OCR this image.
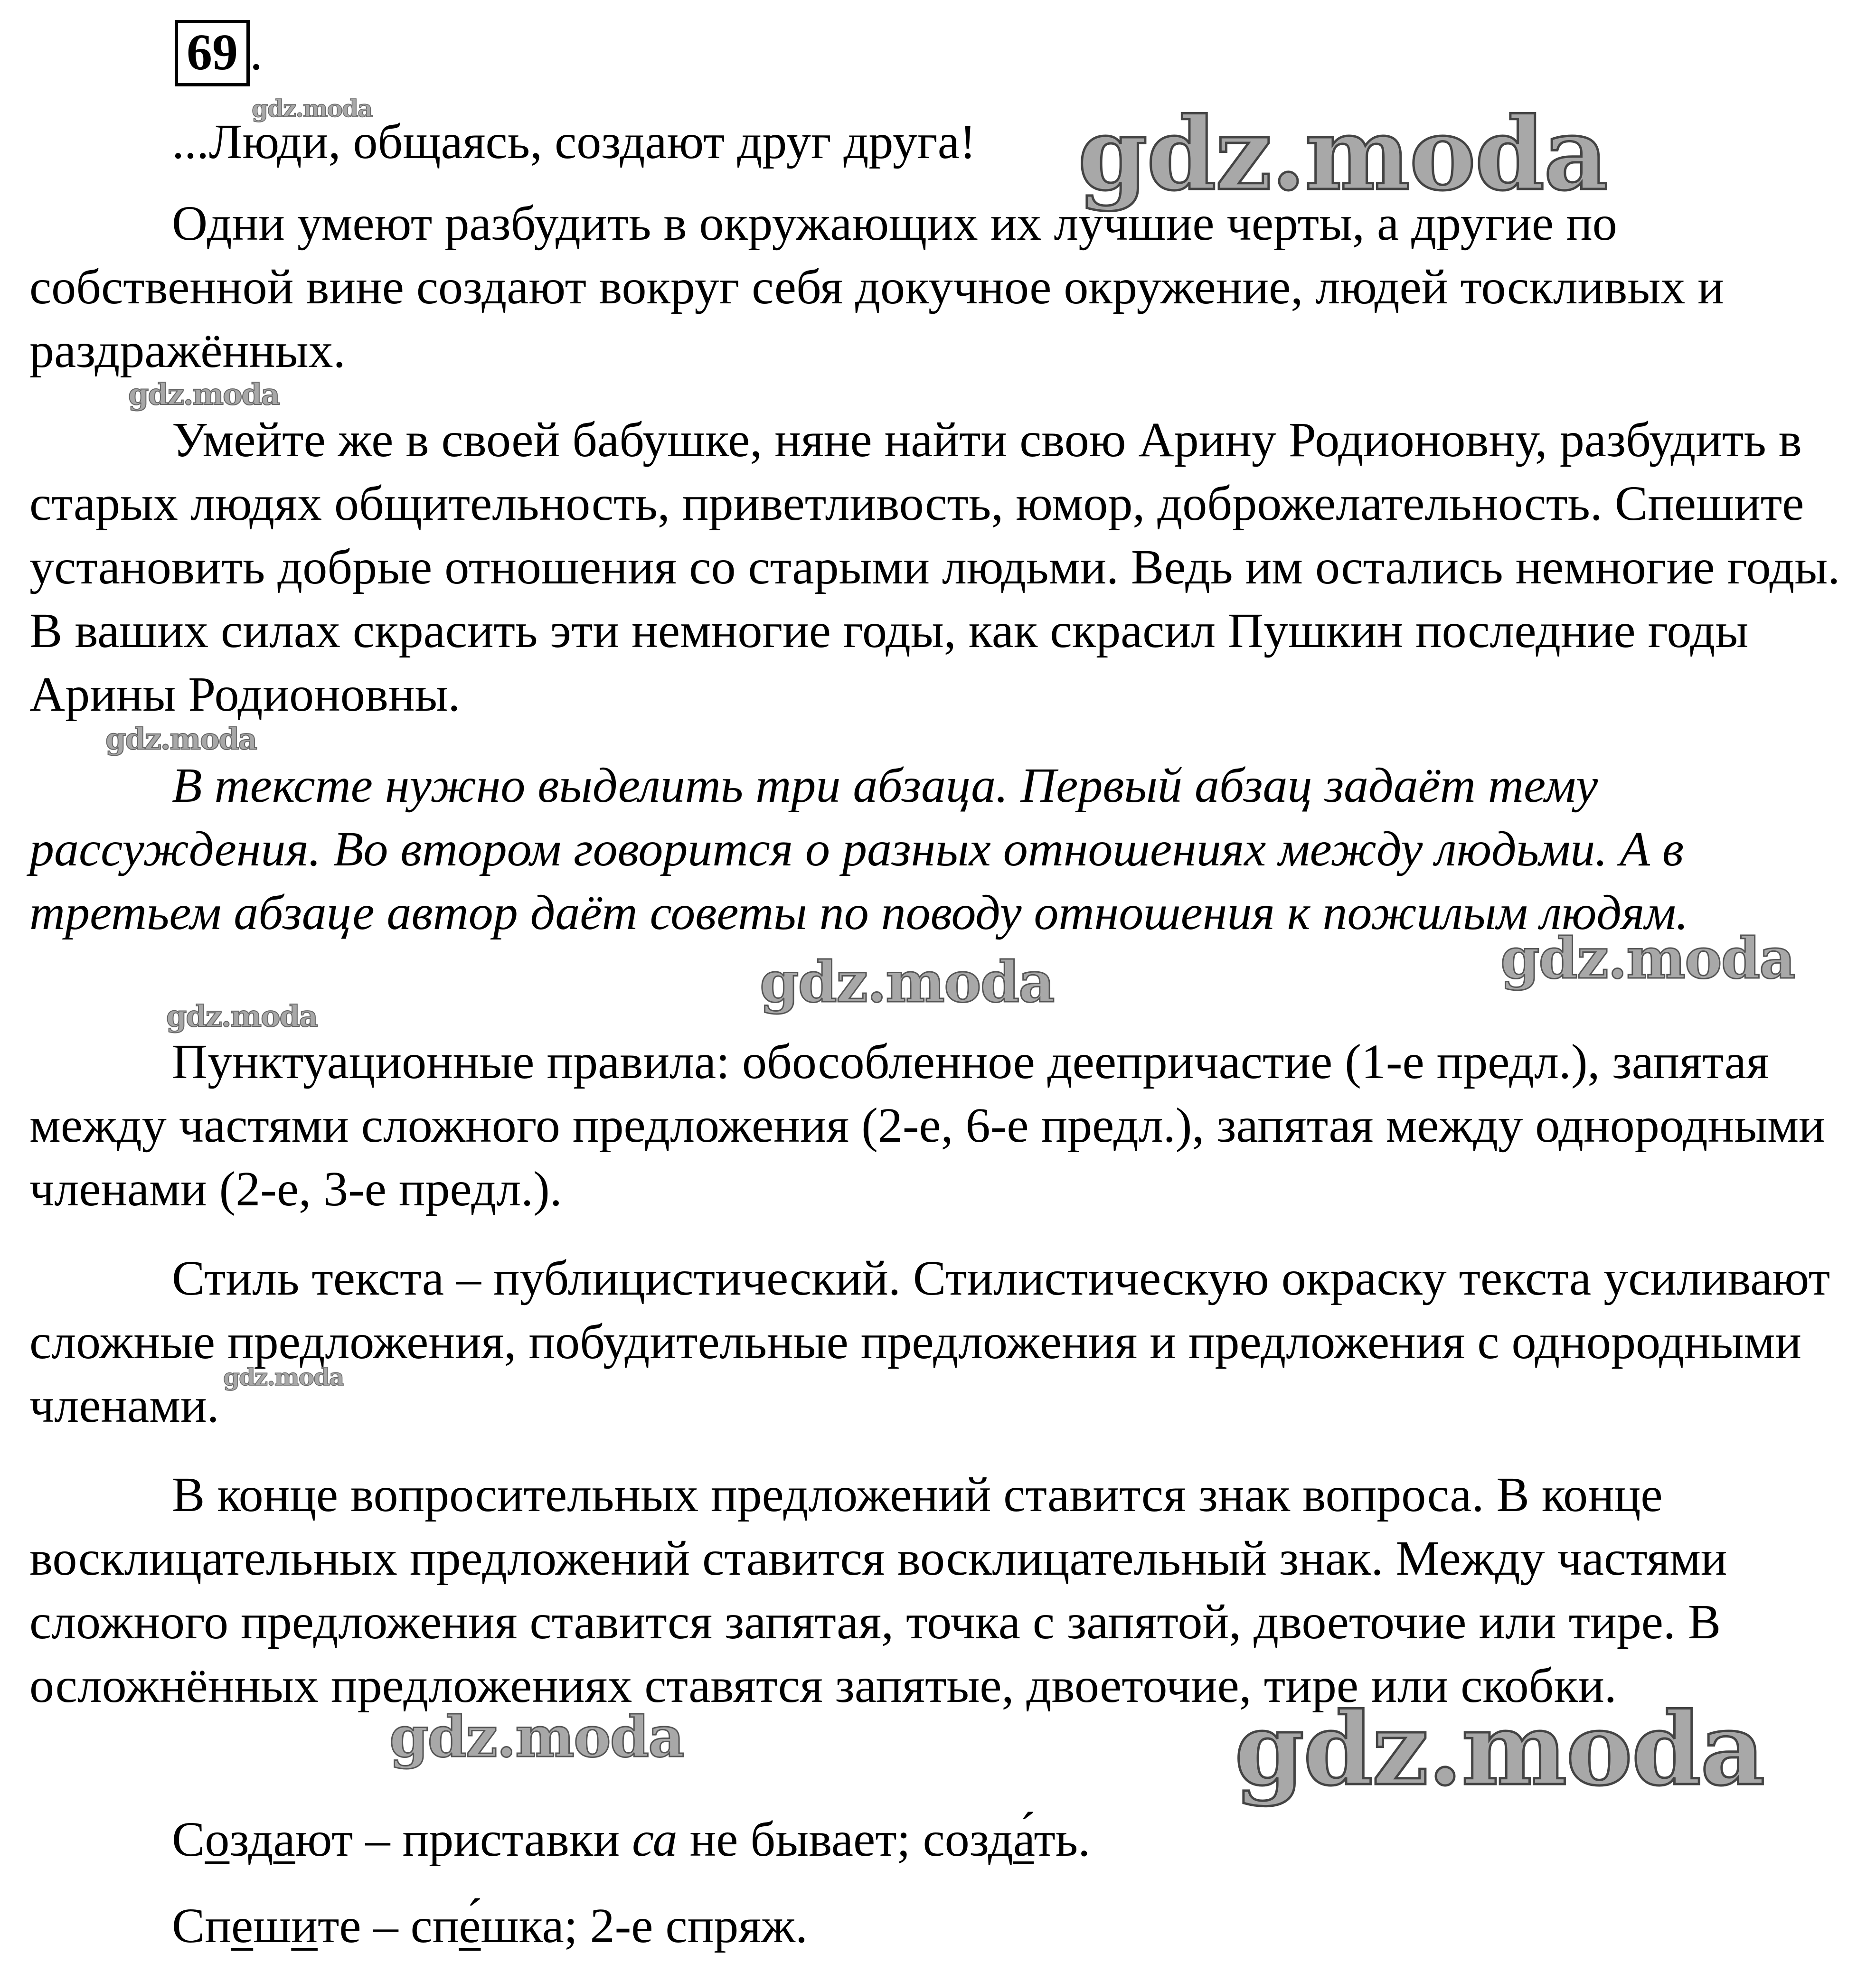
69 .

...Люди, общаясь, создают друг друга!

Одни умеют разбудить в окружающих их лучшие черты, а другие по собственной вине создают вокруг себя докучное окружение, людей тоскливых и раздражённых.

Умейте же в своей бабушке, няне найти свою Арину Родионовну, разбудить в старых людях общительность, приветливость, юмор, доброжелательность. Спешите установить добрые отношения со старыми людьми. Ведь им остались немногие годы. В ваших силах скрасить эти немногие годы, как скрасил Пушкин последние годы Арины Родионовны.

В тексте нужно выделить три абзаца. Первый абзац задаёт тему рассуждения. Во втором говорится о разных отношениях между людьми. А в третьем абзаце автор даёт советы по поводу отношения к пожилым людям.

Пунктуационные правила: обособленное деепричастие (1-е предл.), запятая между частями сложного предложения (2-е, 6-е предл.), запятая между однородными членами (2-е, 3-е предл.).

Стиль текста – публицистический. Стилистическую окраску текста усиливают сложные предложения, побудительные предложения и предложения с однородными членами.

В конце вопросительных предложений ставится знак вопроса. В конце восклицательных предложений ставится восклицательный знак. Между частями сложного предложения ставится запятая, точка с запятой, двоеточие или тире. В осложнённых предложениях ставятся запятые, двоеточие, тире или скобки.

Создают – приставки са не бывает; созда́ть.

Спешите – спе́шка; 2-е спряж.

gdz.moda	gdz.moda
gdz.moda
gdz.moda
gdz.moda	gdz.moda
gdz.moda
gdz.moda
gdz.moda	gdz.moda
